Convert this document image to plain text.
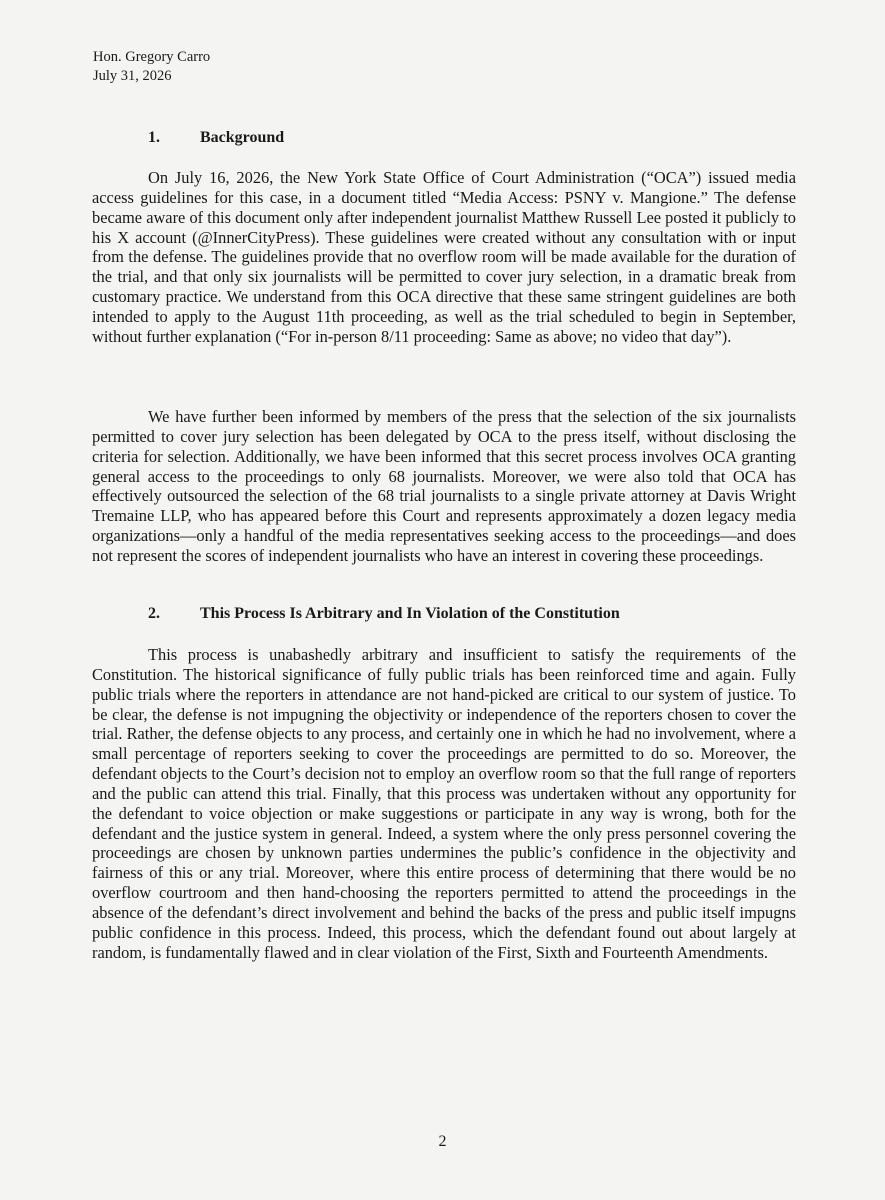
Hon. Gregory Carro
July 31, 2026
1.	Background

On July 16, 2026, the New York State Office of Court Administration (“OCA”) issued media access guidelines for this case, in a document titled “Media Access: PSNY v. Mangione.” The defense became aware of this document only after independent journalist Matthew Russell Lee posted it publicly to his X account (@InnerCityPress). These guidelines were created without any consultation with or input from the defense. The guidelines provide that no overflow room will be made available for the duration of the trial, and that only six journalists will be permitted to cover jury selection, in a dramatic break from customary practice. We understand from this OCA directive that these same stringent guidelines are both intended to apply to the August 11th proceeding, as well as the trial scheduled to begin in September, without further explanation (“For in-person 8/11 proceeding: Same as above; no video that day”).

We have further been informed by members of the press that the selection of the six journalists permitted to cover jury selection has been delegated by OCA to the press itself, without disclosing the criteria for selection. Additionally, we have been informed that this secret process involves OCA granting general access to the proceedings to only 68 journalists. Moreover, we were also told that OCA has effectively outsourced the selection of the 68 trial journalists to a single private attorney at Davis Wright Tremaine LLP, who has appeared before this Court and represents approximately a dozen legacy media organizations—only a handful of the media representatives seeking access to the proceedings—and does not represent the scores of independent journalists who have an interest in covering these proceedings.

2.	This Process Is Arbitrary and In Violation of the Constitution

This process is unabashedly arbitrary and insufficient to satisfy the requirements of the Constitution. The historical significance of fully public trials has been reinforced time and again. Fully public trials where the reporters in attendance are not hand-picked are critical to our system of justice. To be clear, the defense is not impugning the objectivity or independence of the reporters chosen to cover the trial. Rather, the defense objects to any process, and certainly one in which he had no involvement, where a small percentage of reporters seeking to cover the proceedings are permitted to do so. Moreover, the defendant objects to the Court’s decision not to employ an overflow room so that the full range of reporters and the public can attend this trial. Finally, that this process was undertaken without any opportunity for the defendant to voice objection or make suggestions or participate in any way is wrong, both for the defendant and the justice system in general. Indeed, a system where the only press personnel covering the proceedings are chosen by unknown parties undermines the public’s confidence in the objectivity and fairness of this or any trial. Moreover, where this entire process of determining that there would be no overflow courtroom and then hand-choosing the reporters permitted to attend the proceedings in the absence of the defendant’s direct involvement and behind the backs of the press and public itself impugns public confidence in this process. Indeed, this process, which the defendant found out about largely at random, is fundamentally flawed and in clear violation of the First, Sixth and Fourteenth Amendments.

2
